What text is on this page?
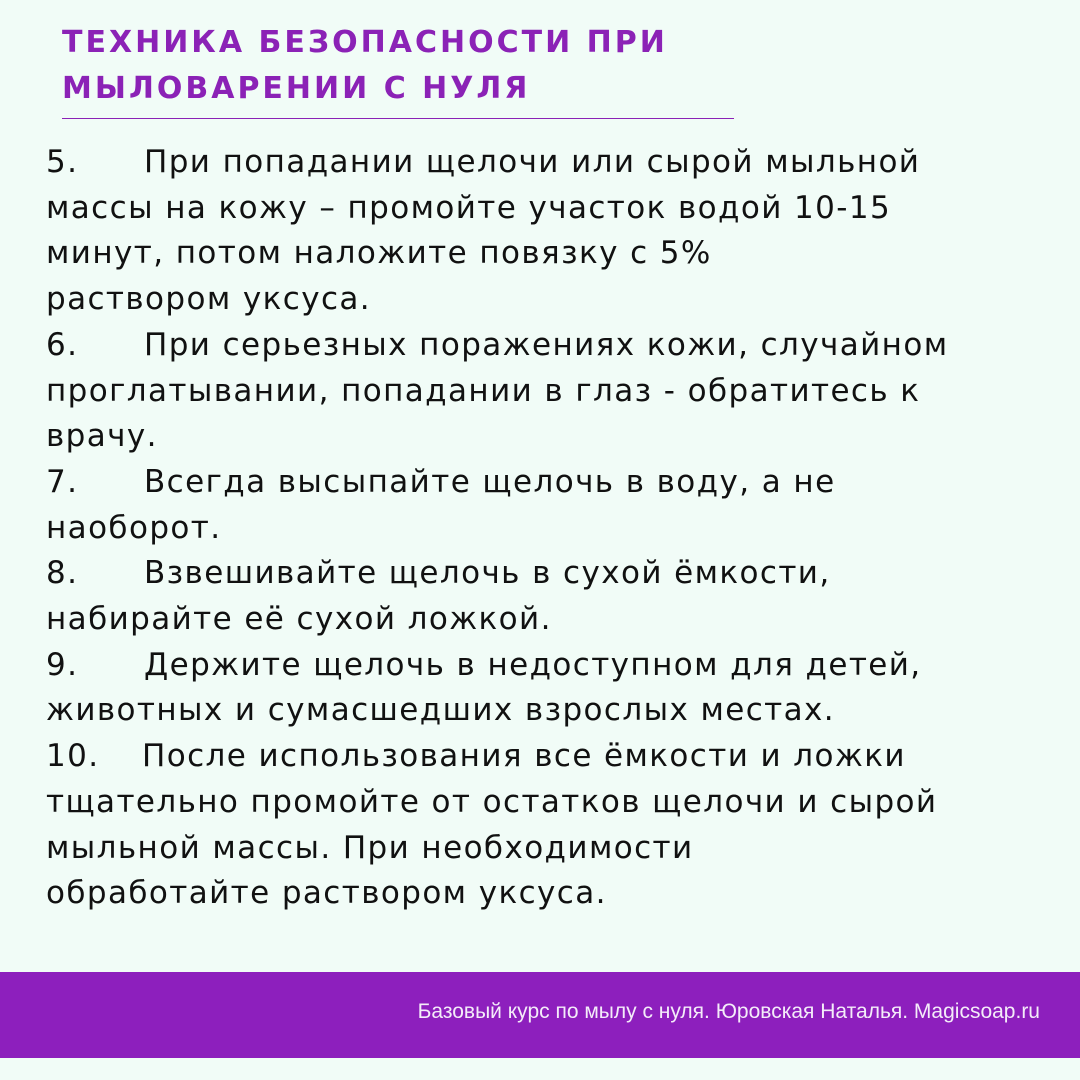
ТЕХНИКА БЕЗОПАСНОСТИ ПРИ
МЫЛОВАРЕНИИ С НУЛЯ
5. При попадании щелочи или сырой мыльной
массы на кожу – промойте участок водой 10-15
минут, потом наложите повязку с 5%
раствором уксуса.
6. При серьезных поражениях кожи, случайном
проглатывании, попадании в глаз - обратитесь к
врачу.
7. Всегда высыпайте щелочь в воду, а не
наоборот.
8. Взвешивайте щелочь в сухой ёмкости,
набирайте её сухой ложкой.
9. Держите щелочь в недоступном для детей,
животных и сумасшедших взрослых местах.
10. После использования все ёмкости и ложки
тщательно промойте от остатков щелочи и сырой
мыльной массы. При необходимости
обработайте раствором уксуса.
Базовый курс по мылу с нуля. Юровская Наталья. Magicsoap.ru
